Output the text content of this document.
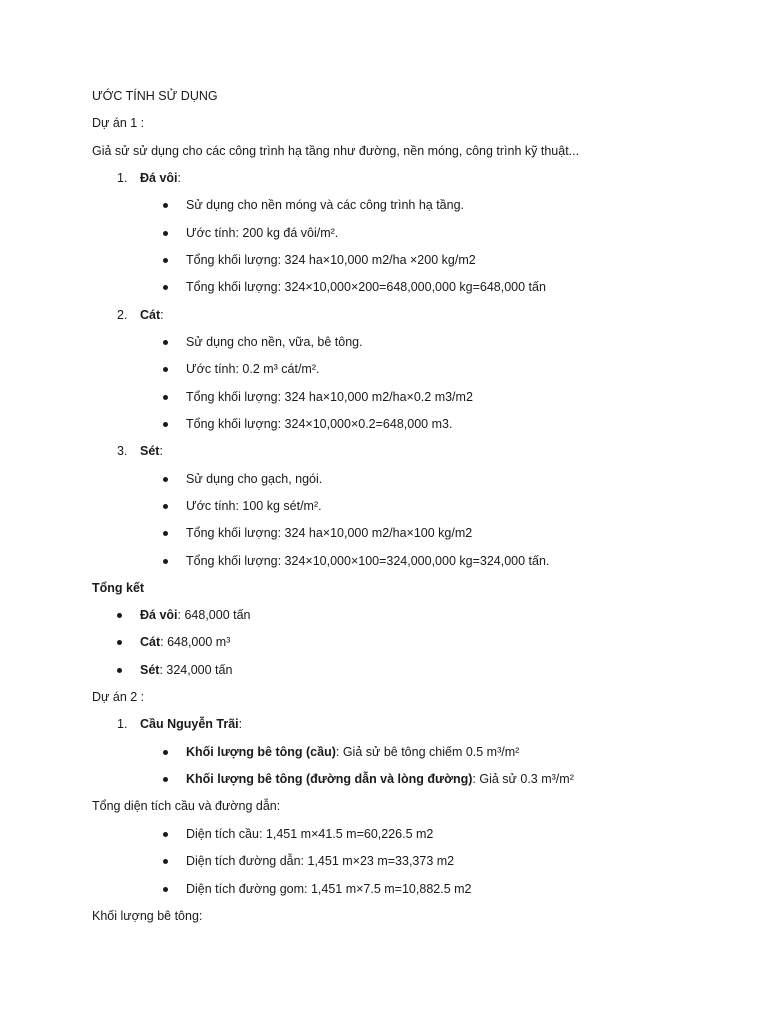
ƯỚC TÍNH SỬ DỤNG
Dự án 1 :
Giả sử sử dụng cho các công trình hạ tầng như đường, nền móng, công trình kỹ thuật...
1. Đá vôi:
Sử dụng cho nền móng và các công trình hạ tầng.
Ước tính: 200 kg đá vôi/m².
Tổng khối lượng: 324 ha×10,000 m2/ha ×200 kg/m2
Tổng khối lượng: 324×10,000×200=648,000,000 kg=648,000 tấn
2. Cát:
Sử dụng cho nền, vữa, bê tông.
Ước tính: 0.2 m³ cát/m².
Tổng khối lượng: 324 ha×10,000 m2/ha×0.2 m3/m2
Tổng khối lượng: 324×10,000×0.2=648,000 m3.
3. Sét:
Sử dụng cho gạch, ngói.
Ước tính: 100 kg sét/m².
Tổng khối lượng: 324 ha×10,000 m2/ha×100 kg/m2
Tổng khối lượng: 324×10,000×100=324,000,000 kg=324,000 tấn.
Tổng kết
Đá vôi: 648,000 tấn
Cát: 648,000 m³
Sét: 324,000 tấn
Dự án 2 :
1. Cầu Nguyễn Trãi:
Khối lượng bê tông (cầu): Giả sử bê tông chiếm 0.5 m³/m²
Khối lượng bê tông (đường dẫn và lòng đường): Giả sử 0.3 m³/m²
Tổng diện tích cầu và đường dẫn:
Diện tích cầu: 1,451 m×41.5 m=60,226.5 m2
Diện tích đường dẫn: 1,451 m×23 m=33,373 m2
Diện tích đường gom: 1,451 m×7.5 m=10,882.5 m2
Khối lượng bê tông:
